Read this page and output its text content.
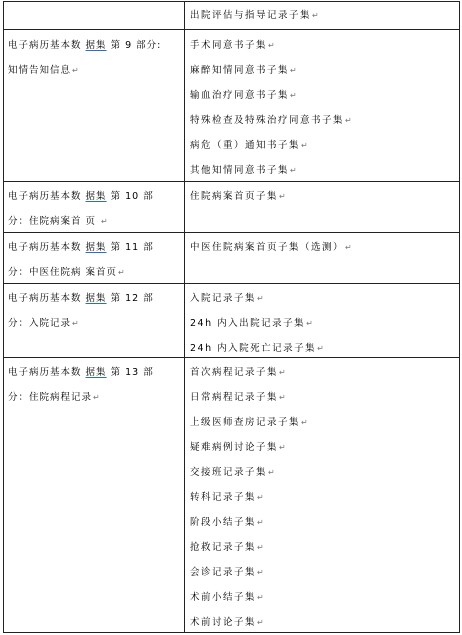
出院评估与指导记录子集↵
电子病历基本数 据集 第 9 部分:
知情告知信息↵
手术同意书子集↵
麻醉知情同意书子集↵
输血治疗同意书子集↵
特殊检查及特殊治疗同意书子集↵
病危（重）通知书子集↵
其他知情同意书子集↵
电子病历基本数 据集 第 10 部
分：住院病案首 页 ↵
住院病案首页子集↵
电子病历基本数 据集 第 11 部
分：中医住院病 案首页↵
中医住院病案首页子集（选测）↵
电子病历基本数 据集 第 12 部
分：入院记录↵
入院记录子集↵
24h 内入出院记录子集↵
24h 内入院死亡记录子集↵
电子病历基本数 据集 第 13 部
分：住院病程记录↵
首次病程记录子集↵
日常病程记录子集↵
上级医师查房记录子集↵
疑难病例讨论子集↵
交接班记录子集↵
转科记录子集↵
阶段小结子集↵
抢救记录子集↵
会诊记录子集↵
术前小结子集↵
术前讨论子集↵
